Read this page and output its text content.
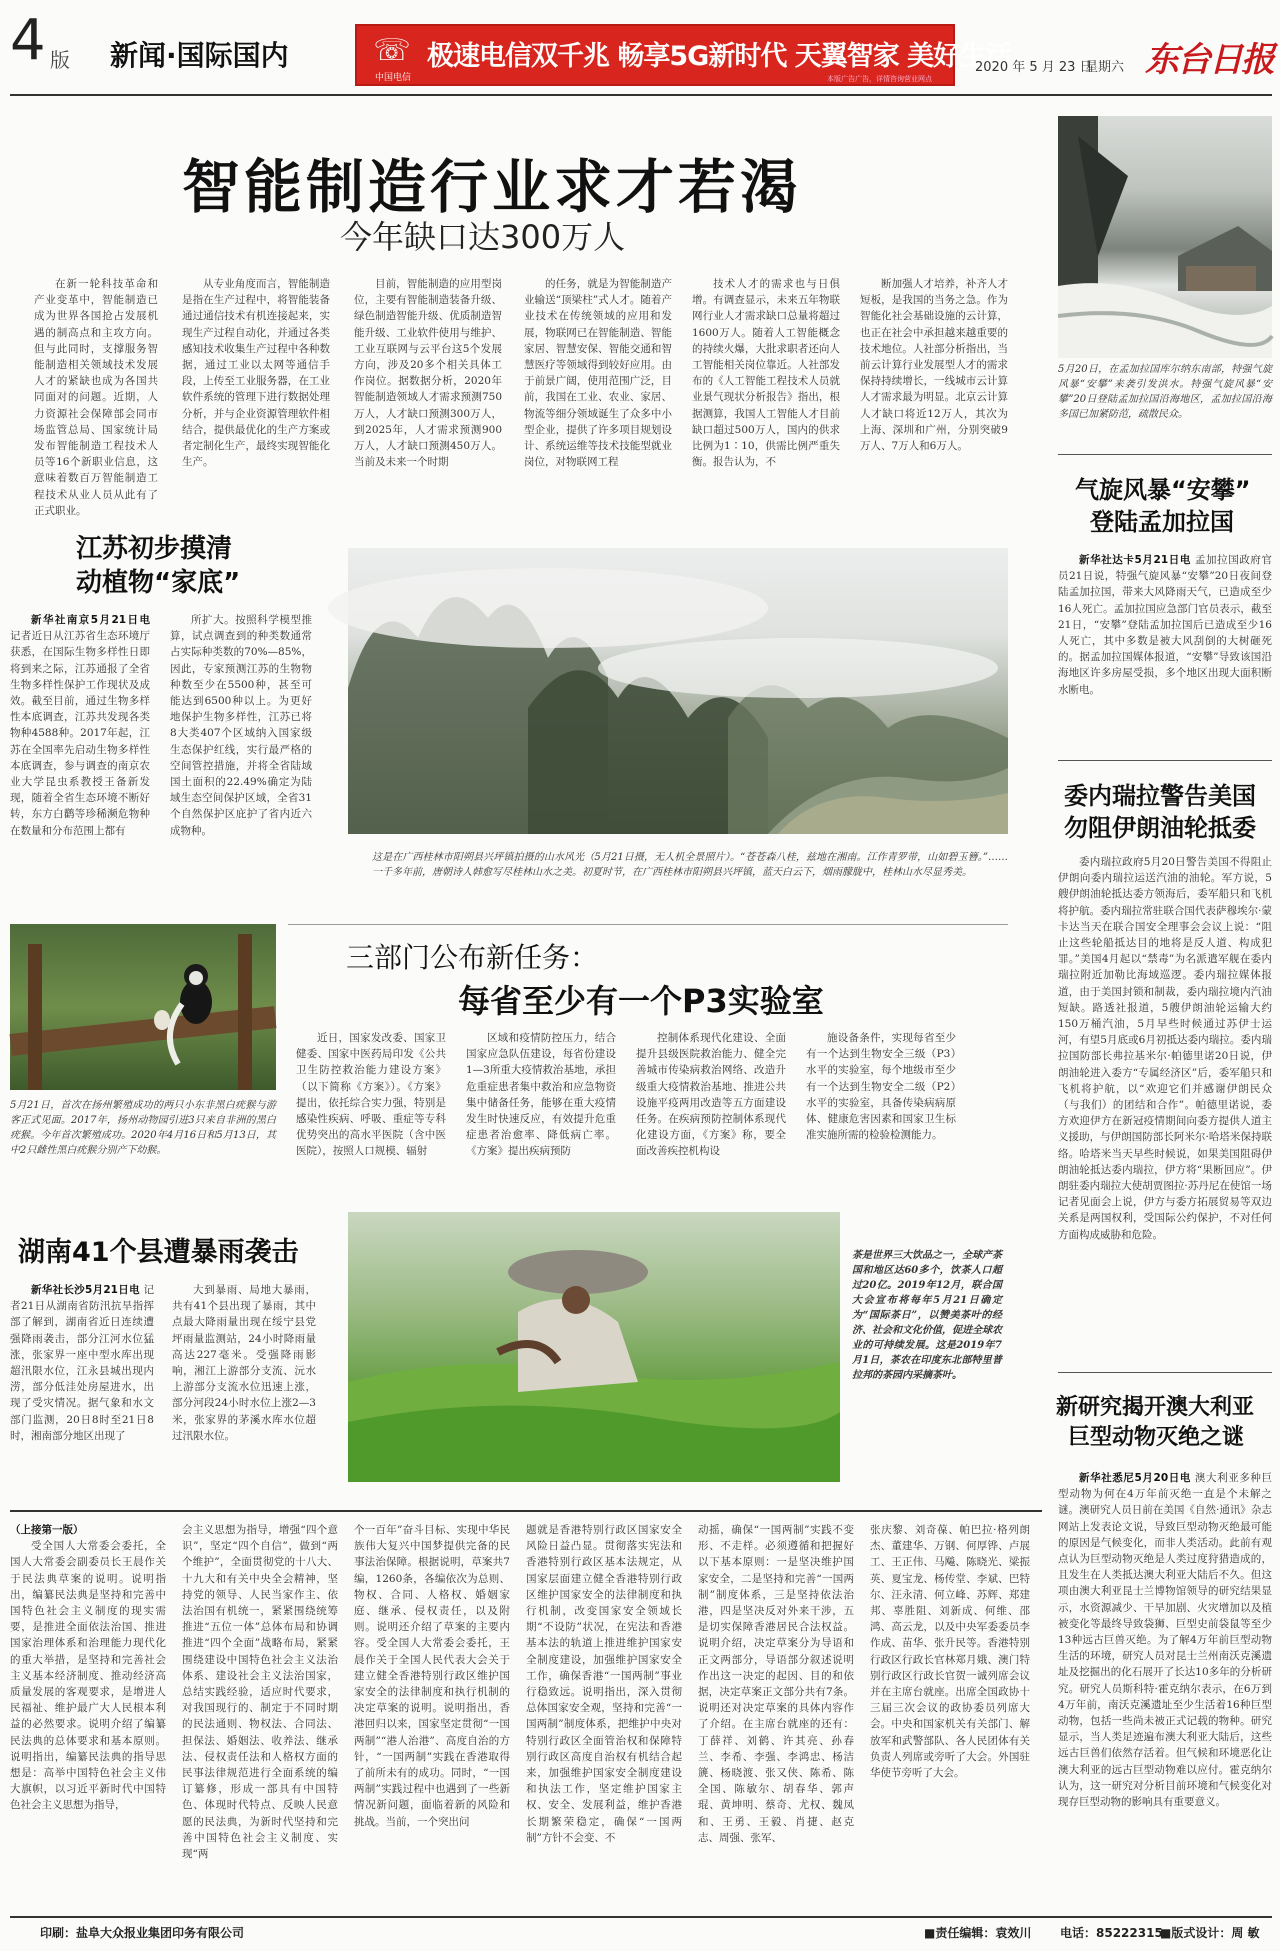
4 版 新闻·国际国内	☏
中国电信
极速电信双千兆 畅享5G新时代 天翼智家 美好生活
本版广告广告，详情咨询营业网点
2020 年 5 月 23 日
星期六 东台日报
智能制造行业求才若渴
今年缺口达300万人

在新一轮科技革命和产业变革中，智能制造已成为世界各国抢占发展机遇的制高点和主攻方向。但与此同时，支撑服务智能制造相关领域技术发展人才的紧缺也成为各国共同面对的问题。近期，人力资源社会保障部会同市场监管总局、国家统计局发布智能制造工程技术人员等16个新职业信息，这意味着数百万智能制造工程技术从业人员从此有了正式职业。

从专业角度而言，智能制造是指在生产过程中，将智能装备通过通信技术有机连接起来，实现生产过程自动化，并通过各类感知技术收集生产过程中各种数据，通过工业以太网等通信手段，上传至工业服务器，在工业软件系统的管理下进行数据处理分析，并与企业资源管理软件相结合，提供最优化的生产方案或者定制化生产，最终实现智能化生产。

目前，智能制造的应用型岗位，主要有智能制造装备升级、绿色制造智能升级、优质制造智能升级、工业软件使用与维护、工业互联网与云平台这5个发展方向，涉及20多个相关具体工作岗位。据数据分析，2020年智能制造领域人才需求预测750万人，人才缺口预测300万人，到2025年，人才需求预测900万人，人才缺口预测450万人。当前及未来一个时期

的任务，就是为智能制造产业输送“顶梁柱”式人才。随着产业技术在传统领域的应用和发展，物联网已在智能制造、智能家居、智慧安保、智能交通和智慧医疗等领域得到较好应用。由于前景广阔，使用范围广泛，目前，我国在工业、农业、家居、物流等细分领域诞生了众多中小型企业，提供了许多项目规划设计、系统运维等技术技能型就业岗位，对物联网工程

技术人才的需求也与日俱增。有调查显示，未来五年物联网行业人才需求缺口总量将超过1600万人。随着人工智能概念的持续火爆，大批求职者还向人工智能相关岗位靠近。人社部发布的《人工智能工程技术人员就业景气现状分析报告》指出，根据测算，我国人工智能人才目前缺口超过500万人，国内的供求比例为1∶10，供需比例严重失衡。报告认为，不

断加强人才培养，补齐人才短板，是我国的当务之急。作为智能化社会基础设施的云计算，也正在社会中承担越来越重要的技术地位。人社部分析指出，当前云计算行业发展型人才的需求保持持续增长，一线城市云计算人才需求最为明显。北京云计算人才缺口将近12万人，其次为上海、深圳和广州，分别突破9万人、7万人和6万人。

5月20日，在孟加拉国库尔纳东南部，特强气旋风暴“安攀”来袭引发洪水。特强气旋风暴“安攀”20日登陆孟加拉国沿海地区，孟加拉国沿海多国已加紧防范，疏散民众。
气旋风暴“安攀”
登陆孟加拉国

新华社达卡5月21日电 孟加拉国政府官员21日说，特强气旋风暴“安攀”20日夜间登陆孟加拉国，带来大风降雨天气，已造成至少16人死亡。孟加拉国应急部门官员表示，截至21日，“安攀”登陆孟加拉国后已造成至少16人死亡，其中多数是被大风刮倒的大树砸死的。据孟加拉国媒体报道，“安攀”导致该国沿海地区许多房屋受损，多个地区出现大面积断水断电。

委内瑞拉警告美国
勿阻伊朗油轮抵委

委内瑞拉政府5月20日警告美国不得阻止伊朗向委内瑞拉运送汽油的油轮。军方说，5艘伊朗油轮抵达委方领海后，委军船只和飞机将护航。委内瑞拉常驻联合国代表萨穆埃尔·蒙卡达当天在联合国安全理事会会议上说：“阻止这些轮船抵达目的地将是反人道、构成犯罪。”美国4月起以“禁毒”为名派遣军舰在委内瑞拉附近加勒比海域巡逻。委内瑞拉媒体报道，由于美国封锁和制裁，委内瑞拉境内汽油短缺。路透社报道，5艘伊朗油轮运输大约150万桶汽油，5月早些时候通过苏伊士运河，有望5月底或6月初抵达委内瑞拉。委内瑞拉国防部长弗拉基米尔·帕德里诺20日说，伊朗油轮进入委方“专属经济区”后，委军船只和飞机将护航，以“欢迎它们并感谢伊朗民众（与我们）的团结和合作”。帕德里诺说，委方欢迎伊方在新冠疫情期间向委方提供人道主义援助，与伊朗国防部长阿米尔·哈塔米保持联络。哈塔米当天早些时候说，如果美国阻碍伊朗油轮抵达委内瑞拉，伊方将“果断回应”。伊朗驻委内瑞拉大使胡贾图拉·苏丹尼在使馆一场记者见面会上说，伊方与委方拓展贸易等双边关系是两国权利，受国际公约保护，不对任何方面构成威胁和危险。

新研究揭开澳大利亚
巨型动物灭绝之谜

新华社悉尼5月20日电 澳大利亚多种巨型动物为何在4万年前灭绝一直是个未解之谜。澳研究人员日前在美国《自然·通讯》杂志网站上发表论文说，导致巨型动物灭绝最可能的原因是气候变化，而非人类活动。此前有观点认为巨型动物灭绝是人类过度狩猎造成的，且发生在人类抵达澳大利亚大陆后不久。但这项由澳大利亚昆士兰博物馆领导的研究结果显示，水资源减少、干旱加剧、火灾增加以及植被变化等最终导致袋狮、巨型史前袋鼠等至少13种远古巨兽灭绝。为了解4万年前巨型动物生活的环境，研究人员对昆士兰州南沃克溪遗址及挖掘出的化石展开了长达10多年的分析研究。研究人员斯科特·霍克纳尔表示，在6万到4万年前，南沃克溪遗址至少生活着16种巨型动物，包括一些尚未被正式记载的物种。研究显示，当人类足迹遍布澳大利亚大陆后，这些远古巨兽们依然存活着。但气候和环境恶化让澳大利亚的远古巨型动物难以应付。霍克纳尔认为，这一研究对分析目前环境和气候变化对现存巨型动物的影响具有重要意义。

江苏初步摸清
动植物“家底”

新华社南京5月21日电 记者近日从江苏省生态环境厅获悉，在国际生物多样性日即将到来之际，江苏通报了全省生物多样性保护工作现状及成效。截至目前，通过生物多样性本底调查，江苏共发现各类物种4588种。2017年起，江苏在全国率先启动生物多样性本底调查，参与调查的南京农业大学昆虫系教授王备新发现，随着全省生态环境不断好转，东方白鹳等珍稀濒危物种在数量和分布范围上都有

所扩大。按照科学模型推算，试点调查到的种类数通常占实际种类数的70%—85%，因此，专家预测江苏的生物物种数至少在5500种，甚至可能达到6500种以上。为更好地保护生物多样性，江苏已将8大类407个区域纳入国家级生态保护红线，实行最严格的空间管控措施，并将全省陆域国土面积的22.49%确定为陆域生态空间保护区域，全省31个自然保护区庇护了省内近六成物种。

这是在广西桂林市阳朔县兴坪镇拍摄的山水风光（5月21日摄，无人机全景照片）。“苍苍森八桂，兹地在湘南。江作青罗带，山如碧玉簪。”……一千多年前，唐朝诗人韩愈写尽桂林山水之美。初夏时节，在广西桂林市阳朔县兴坪镇，蓝天白云下，烟雨朦胧中，桂林山水尽显秀美。
5月21日，首次在扬州繁殖成功的两只小东非黑白疣猴与游客正式见面。2017年，扬州动物园引进3只来自非洲的黑白疣猴。今年首次繁殖成功。2020年4月16日和5月13日，其中2只雌性黑白疣猴分别产下幼猴。
三部门公布新任务：
每省至少有一个P3实验室

近日，国家发改委、国家卫健委、国家中医药局印发《公共卫生防控救治能力建设方案》（以下简称《方案》）。《方案》提出，依托综合实力强，特别是感染性疾病、呼吸、重症等专科优势突出的高水平医院（含中医医院），按照人口规模、辐射

区域和疫情防控压力，结合国家应急队伍建设，每省份建设1—3所重大疫情救治基地，承担危重症患者集中救治和应急物资集中储备任务，能够在重大疫情发生时快速反应，有效提升危重症患者治愈率、降低病亡率。《方案》提出疾病预防

控制体系现代化建设、全面提升县级医院救治能力、健全完善城市传染病救治网络、改造升级重大疫情救治基地、推进公共设施平疫两用改造等五方面建设任务。在疾病预防控制体系现代化建设方面，《方案》称，要全面改善疾控机构设

施设备条件，实现每省至少有一个达到生物安全三级（P3）水平的实验室，每个地级市至少有一个达到生物安全二级（P2）水平的实验室，具备传染病病原体、健康危害因素和国家卫生标准实施所需的检验检测能力。

湖南41个县遭暴雨袭击

新华社长沙5月21日电 记者21日从湖南省防汛抗旱指挥部了解到，湖南省近日连续遭强降雨袭击，部分江河水位猛涨，张家界一座中型水库出现超汛限水位，江永县城出现内涝，部分低洼处房屋进水，出现了受灾情况。据气象和水文部门监测，20日8时至21日8时，湘南部分地区出现了

大到暴雨、局地大暴雨，共有41个县出现了暴雨，其中点最大降雨量出现在绥宁县党坪雨量监测站，24小时降雨量高达227毫米。受强降雨影响，湘江上游部分支流、沅水上游部分支流水位迅速上涨，部分河段24小时水位上涨2—3米，张家界的茅溪水库水位超过汛限水位。

茶是世界三大饮品之一，全球产茶国和地区达60多个，饮茶人口超过20亿。2019年12月，联合国大会宣布将每年5月21日确定为“国际茶日”，以赞美茶叶的经济、社会和文化价值，促进全球农业的可持续发展。这是2019年7月1日，茶农在印度东北部特里普拉邦的茶园内采摘茶叶。
（上接第一版）

受全国人大常委会委托，全国人大常委会副委员长王晨作关于民法典草案的说明。说明指出，编纂民法典是坚持和完善中国特色社会主义制度的现实需要，是推进全面依法治国、推进国家治理体系和治理能力现代化的重大举措，是坚持和完善社会主义基本经济制度、推动经济高质量发展的客观要求，是增进人民福祉、维护最广大人民根本利益的必然要求。说明介绍了编纂民法典的总体要求和基本原则。说明指出，编纂民法典的指导思想是：高举中国特色社会主义伟大旗帜，以习近平新时代中国特色社会主义思想为指导，

会主义思想为指导，增强“四个意识”，坚定“四个自信”，做到“两个维护”，全面贯彻党的十八大、十九大和有关中央全会精神，坚持党的领导、人民当家作主、依法治国有机统一，紧紧围绕统筹推进“五位一体”总体布局和协调推进“四个全面”战略布局，紧紧围绕建设中国特色社会主义法治体系、建设社会主义法治国家，总结实践经验，适应时代要求，对我国现行的、制定于不同时期的民法通则、物权法、合同法、担保法、婚姻法、收养法、继承法、侵权责任法和人格权方面的民事法律规范进行全面系统的编订纂修，形成一部具有中国特色、体现时代特点、反映人民意愿的民法典，为新时代坚持和完善中国特色社会主义制度、实现“两

个一百年”奋斗目标、实现中华民族伟大复兴中国梦提供完备的民事法治保障。根据说明，草案共7编，1260条，各编依次为总则、物权、合同、人格权、婚姻家庭、继承、侵权责任，以及附则。说明还介绍了草案的主要内容。受全国人大常委会委托，王晨作关于全国人民代表大会关于建立健全香港特别行政区维护国家安全的法律制度和执行机制的决定草案的说明。说明指出，香港回归以来，国家坚定贯彻“一国两制”“港人治港”、高度自治的方针，“一国两制”实践在香港取得了前所未有的成功。同时，“一国两制”实践过程中也遇到了一些新情况新问题，面临着新的风险和挑战。当前，一个突出问

题就是香港特别行政区国家安全风险日益凸显。贯彻落实宪法和香港特别行政区基本法规定，从国家层面建立健全香港特别行政区维护国家安全的法律制度和执行机制，改变国家安全领域长期“不设防”状况，在宪法和香港基本法的轨道上推进维护国家安全制度建设，加强维护国家安全工作，确保香港“一国两制”事业行稳致远。说明指出，深入贯彻总体国家安全观，坚持和完善“一国两制”制度体系，把维护中央对特别行政区全面管治权和保障特别行政区高度自治权有机结合起来，加强维护国家安全制度建设和执法工作，坚定维护国家主权、安全、发展利益，维护香港长期繁荣稳定，确保“一国两制”方针不会变、不

动摇，确保“一国两制”实践不变形、不走样。必须遵循和把握好以下基本原则：一是坚决维护国家安全，二是坚持和完善“一国两制”制度体系，三是坚持依法治港，四是坚决反对外来干涉，五是切实保障香港居民合法权益。说明介绍，决定草案分为导语和正文两部分，导语部分叙述说明作出这一决定的起因、目的和依据，决定草案正文部分共有7条。说明还对决定草案的具体内容作了介绍。在主席台就座的还有：丁薛祥、刘鹤、许其亮、孙春兰、李希、李强、李鸿忠、杨洁篪、杨晓渡、张又侠、陈希、陈全国、陈敏尔、胡春华、郭声琨、黄坤明、蔡奇、尤权、魏凤和、王勇、王毅、肖捷、赵克志、周强、张军、

张庆黎、刘奇葆、帕巴拉·格列朗杰、董建华、万钢、何厚铧、卢展工、王正伟、马飚、陈晓光、梁振英、夏宝龙、杨传堂、李斌、巴特尔、汪永清、何立峰、苏辉、郑建邦、辜胜阻、刘新成、何维、邵鸿、高云龙，以及中央军委委员李作成、苗华、张升民等。香港特别行政区行政长官林郑月娥、澳门特别行政区行政长官贺一诚列席会议并在主席台就座。出席全国政协十三届三次会议的政协委员列席大会。中央和国家机关有关部门、解放军和武警部队、各人民团体有关负责人列席或旁听了大会。外国驻华使节旁听了大会。

印刷：盐阜大众报业集团印务有限公司	■责任编辑：袁效川 电话：85222315
■版式设计：周 敏
